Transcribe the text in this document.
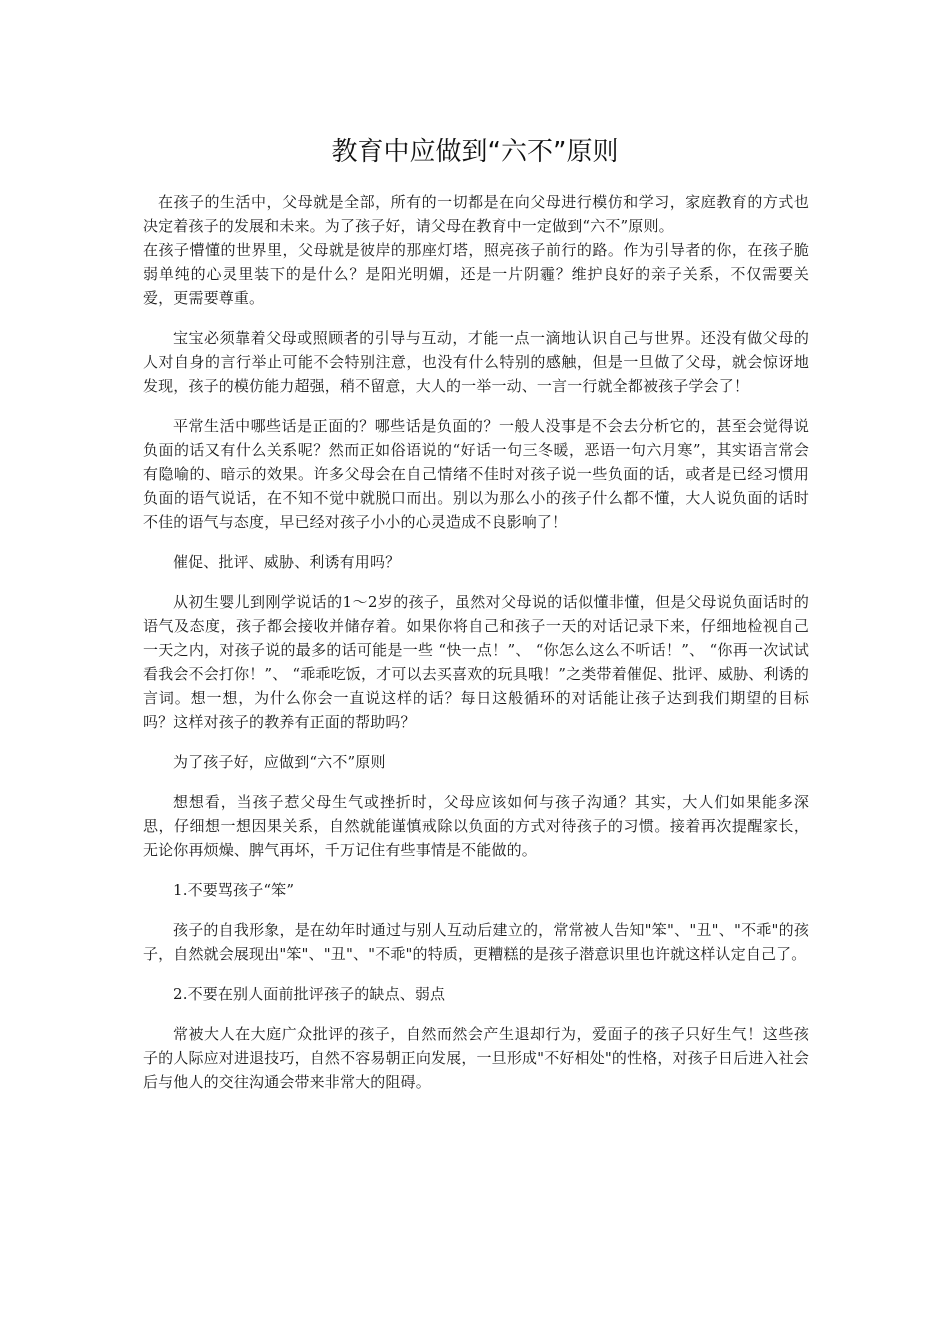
教育中应做到“六不”原则

在孩子的生活中，父母就是全部，所有的一切都是在向父母进行模仿和学习，家庭教育的方式也决定着孩子的发展和未来。为了孩子好，请父母在教育中一定做到“六不”原则。

在孩子懵懂的世界里，父母就是彼岸的那座灯塔，照亮孩子前行的路。作为引导者的你，在孩子脆弱单纯的心灵里装下的是什么？是阳光明媚，还是一片阴霾？维护良好的亲子关系，不仅需要关爱，更需要尊重。

宝宝必须靠着父母或照顾者的引导与互动，才能一点一滴地认识自己与世界。还没有做父母的人对自身的言行举止可能不会特别注意，也没有什么特别的感触，但是一旦做了父母，就会惊讶地发现，孩子的模仿能力超强，稍不留意，大人的一举一动、一言一行就全都被孩子学会了！

平常生活中哪些话是正面的？哪些话是负面的？一般人没事是不会去分析它的，甚至会觉得说负面的话又有什么关系呢？然而正如俗语说的“好话一句三冬暖，恶语一句六月寒”，其实语言常会有隐喻的、暗示的效果。许多父母会在自己情绪不佳时对孩子说一些负面的话，或者是已经习惯用负面的语气说话，在不知不觉中就脱口而出。别以为那么小的孩子什么都不懂，大人说负面的话时不佳的语气与态度，早已经对孩子小小的心灵造成不良影响了！

催促、批评、威胁、利诱有用吗？

从初生婴儿到刚学说话的1～2岁的孩子，虽然对父母说的话似懂非懂，但是父母说负面话时的语气及态度，孩子都会接收并储存着。如果你将自己和孩子一天的对话记录下来，仔细地检视自己一天之内，对孩子说的最多的话可能是一些 “快一点！”、 “你怎么这么不听话！”、 “你再一次试试看我会不会打你！”、 “乖乖吃饭，才可以去买喜欢的玩具哦！”之类带着催促、批评、威胁、利诱的言词。想一想，为什么你会一直说这样的话？每日这般循环的对话能让孩子达到我们期望的目标吗？这样对孩子的教养有正面的帮助吗？

为了孩子好，应做到“六不”原则

想想看，当孩子惹父母生气或挫折时，父母应该如何与孩子沟通？其实，大人们如果能多深思，仔细想一想因果关系，自然就能谨慎戒除以负面的方式对待孩子的习惯。接着再次提醒家长，无论你再烦燥、脾气再坏，千万记住有些事情是不能做的。

1.不要骂孩子“笨”

孩子的自我形象，是在幼年时通过与别人互动后建立的，常常被人告知"笨"、"丑"、"不乖"的孩子，自然就会展现出"笨"、"丑"、"不乖"的特质，更糟糕的是孩子潜意识里也许就这样认定自己了。

2.不要在别人面前批评孩子的缺点、弱点

常被大人在大庭广众批评的孩子，自然而然会产生退却行为，爱面子的孩子只好生气！这些孩子的人际应对进退技巧，自然不容易朝正向发展，一旦形成"不好相处"的性格，对孩子日后进入社会后与他人的交往沟通会带来非常大的阻碍。
